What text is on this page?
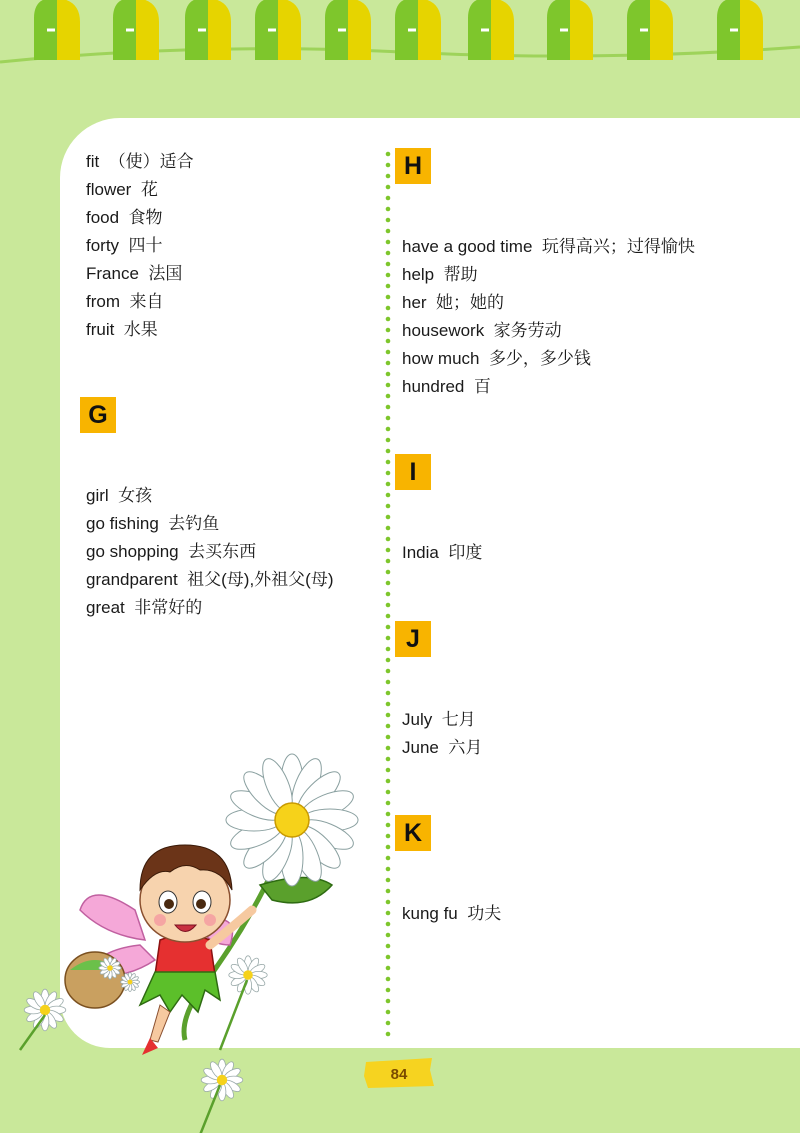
fit （使）适合
flower 花
food 食物
forty 四十
France 法国
from 来自
fruit 水果
G
girl 女孩
go fishing 去钓鱼
go shopping 去买东西
grandparent 祖父(母),外祖父(母)
great 非常好的
H
have a good time 玩得高兴；过得愉快
help 帮助
her 她；她的
housework 家务劳动
how much 多少，多少钱
hundred 百
I
India 印度
J
July 七月
June 六月
K
kung fu 功夫
84
